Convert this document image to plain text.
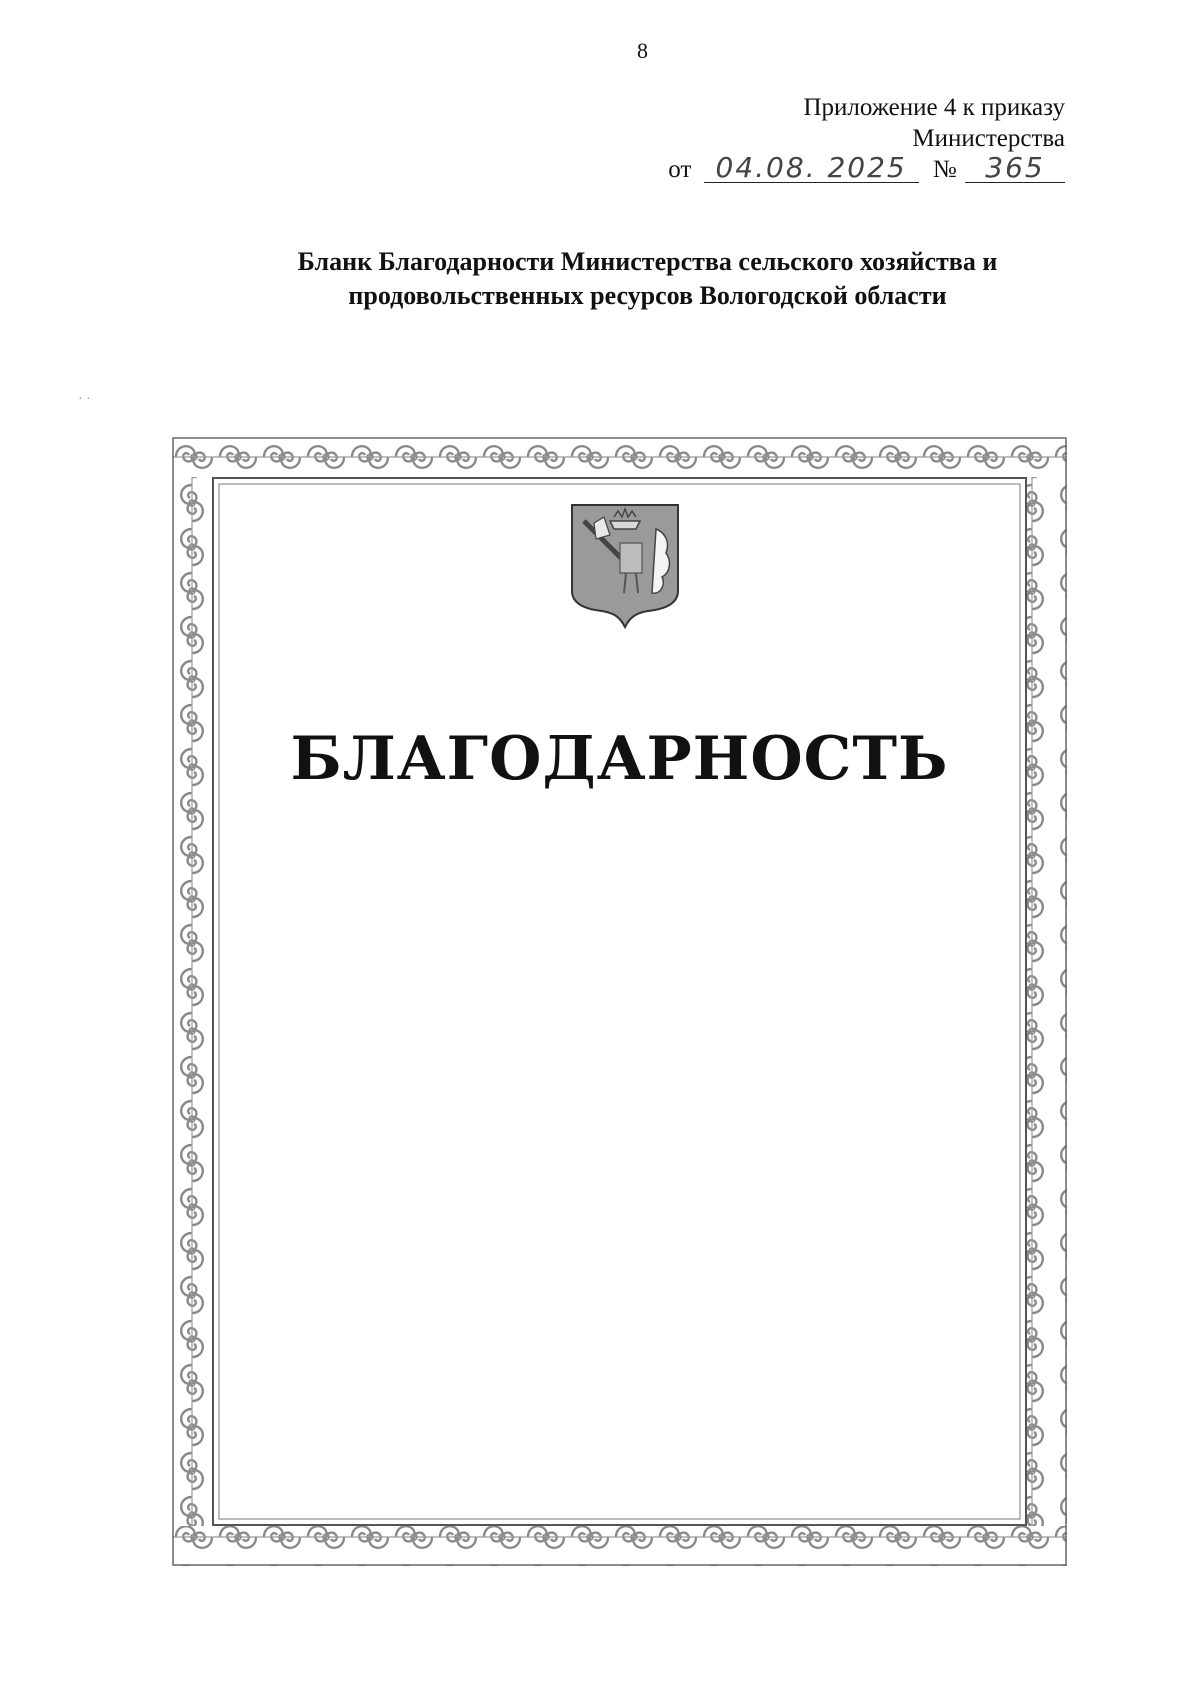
8
Приложение 4 к приказу
Министерства
от 04.08. 2025 № 365
Бланк Благодарности Министерства сельского хозяйства и
продовольственных ресурсов Вологодской области
· ·
БЛАГОДАРНОСТЬ
